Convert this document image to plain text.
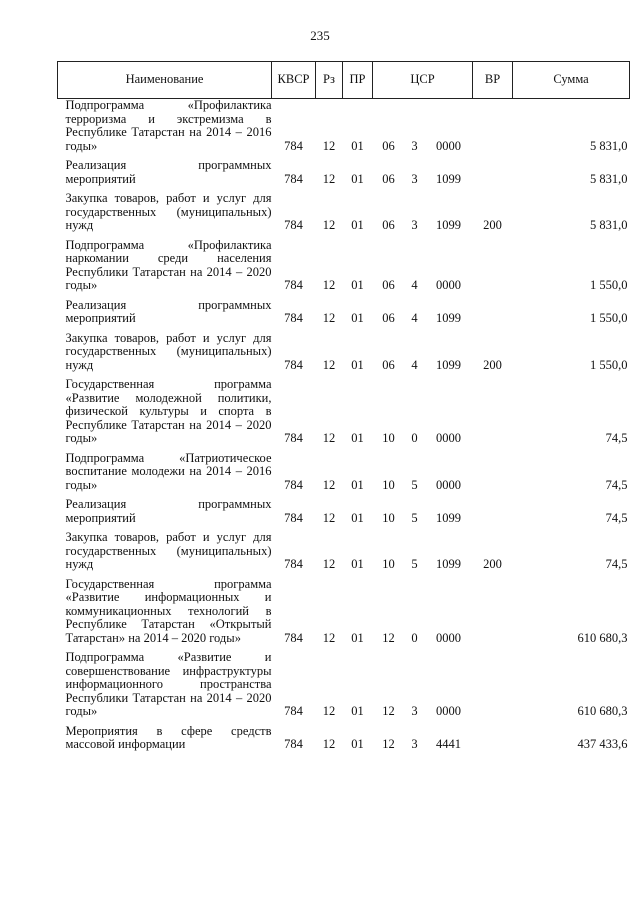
235
Наименование	КВСР	Рз	ПР	ЦСР			ВР	Сумма
Подпрограмма «Профилактика терроризма и экстремизма в Республике Татарстан на 2014 – 2016 годы»	784	12	01	06	3	0000		5 831,0
Реализация программных мероприятий	784	12	01	06	3	1099		5 831,0
Закупка товаров, работ и услуг для государственных (муниципальных) нужд	784	12	01	06	3	1099	200	5 831,0
Подпрограмма «Профилактика наркомании среди населения Республики Татарстан на 2014 – 2020 годы»	784	12	01	06	4	0000		1 550,0
Реализация программных мероприятий	784	12	01	06	4	1099		1 550,0
Закупка товаров, работ и услуг для государственных (муниципальных) нужд	784	12	01	06	4	1099	200	1 550,0
Государственная программа «Развитие молодежной политики, физической культуры и спорта в Республике Татарстан на 2014 – 2020 годы»	784	12	01	10	0	0000		74,5
Подпрограмма «Патриотическое воспитание молодежи на 2014 – 2016 годы»	784	12	01	10	5	0000		74,5
Реализация программных мероприятий	784	12	01	10	5	1099		74,5
Закупка товаров, работ и услуг для государственных (муниципальных) нужд	784	12	01	10	5	1099	200	74,5
Государственная программа «Развитие информационных и коммуникационных технологий в Республике Татарстан «Открытый Татарстан» на 2014 – 2020 годы»	784	12	01	12	0	0000		610 680,3
Подпрограмма «Развитие и совершенствование инфраструктуры информационного пространства Республики Татарстан на 2014 – 2020 годы»	784	12	01	12	3	0000		610 680,3
Мероприятия в сфере средств массовой информации	784	12	01	12	3	4441		437 433,6
